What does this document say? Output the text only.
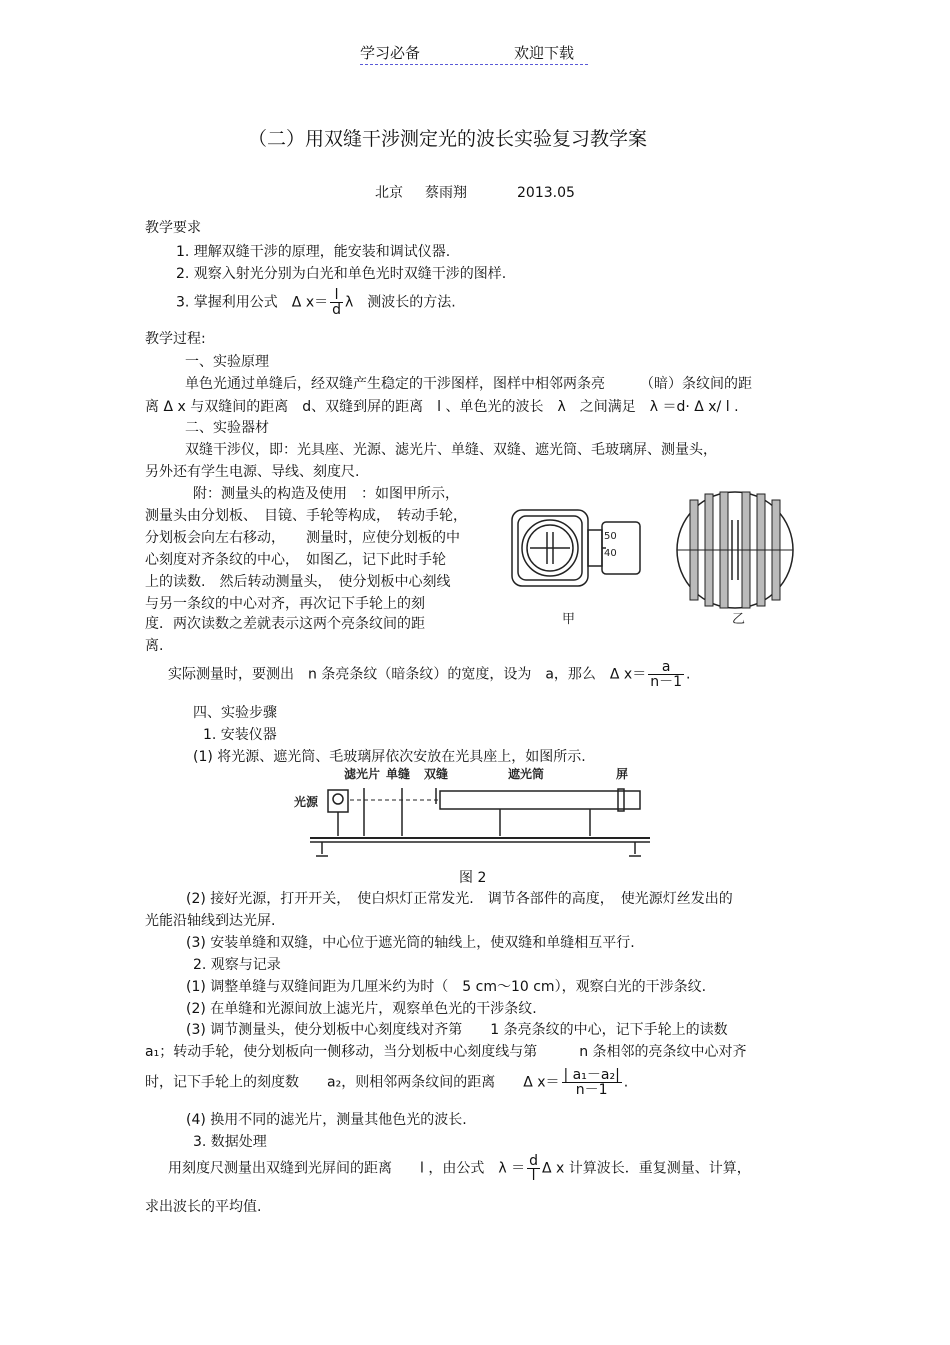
学习必备	欢迎下载
（二）用双缝干涉测定光的波长实验复习教学案
北京 蔡雨翔	2013.05
教学要求
1. 理解双缝干涉的原理，能安装和调试仪器.
2. 观察入射光分别为白光和单色光时双缝干涉的图样.
3. 掌握利用公式　Δ $x= \frac{l}{d}$ λ　测波长的方法.
教学过程:
一、实验原理
单色光通过单缝后，经双缝产生稳定的干涉图样，图样中相邻两条亮　　　（暗）条纹间的距
离 Δ x 与双缝间的距离　d、双缝到屏的距离　l 、单色光的波长　λ　之间满足　λ ＝d· Δ x/ l .
二、实验器材
双缝干涉仪，即：光具座、光源、滤光片、单缝、双缝、遮光筒、毛玻璃屏、测量头，
另外还有学生电源、导线、刻度尺.
附：测量头的构造及使用　：如图甲所示，
测量头由分划板、　目镜、手轮等构成，　转动手轮，
分划板会向左右移动，　　测量时，应使分划板的中
心刻度对齐条纹的中心，　如图乙，记下此时手轮
上的读数.　然后转动测量头，　使分划板中心刻线
与另一条纹的中心对齐，再次记下手轮上的刻
度．两次读数之差就表示这两个亮条纹间的距
离.
50
40
甲	乙
实际测量时，要测出　n 条亮条纹（暗条纹）的宽度，设为　a，那么　Δ $x= \frac{a}{n-1}$ .
四、实验步骤
1. 安装仪器
(1) 将光源、遮光筒、毛玻璃屏依次安放在光具座上，如图所示.
滤光片 单缝 双缝	遮光筒	屏
光源
图 2
(2) 接好光源，打开开关，　使白炽灯正常发光.　调节各部件的高度，　使光源灯丝发出的
光能沿轴线到达光屏.
(3) 安装单缝和双缝，中心位于遮光筒的轴线上，使双缝和单缝相互平行.
2. 观察与记录
(1) 调整单缝与双缝间距为几厘米约为时（　5 cm～10 cm），观察白光的干涉条纹.
(2) 在单缝和光源间放上滤光片，观察单色光的干涉条纹.
(3) 调节测量头，使分划板中心刻度线对齐第　　1 条亮条纹的中心，记下手轮上的读数
a₁；转动手轮，使分划板向一侧移动，当分划板中心刻度线与第　　　n 条相邻的亮条纹中心对齐
时，记下手轮上的刻度数　　a₂，则相邻两条纹间的距离　　Δ $x= \frac{\text{| a₁－a₂|}}{n-1}$ .
(4) 换用不同的滤光片，测量其他色光的波长.
3. 数据处理
用刻度尺测量出双缝到光屏间的距离　　l ，由公式　$\lambda = \frac{d}{l}$ Δ x 计算波长．重复测量、计算，
求出波长的平均值.
